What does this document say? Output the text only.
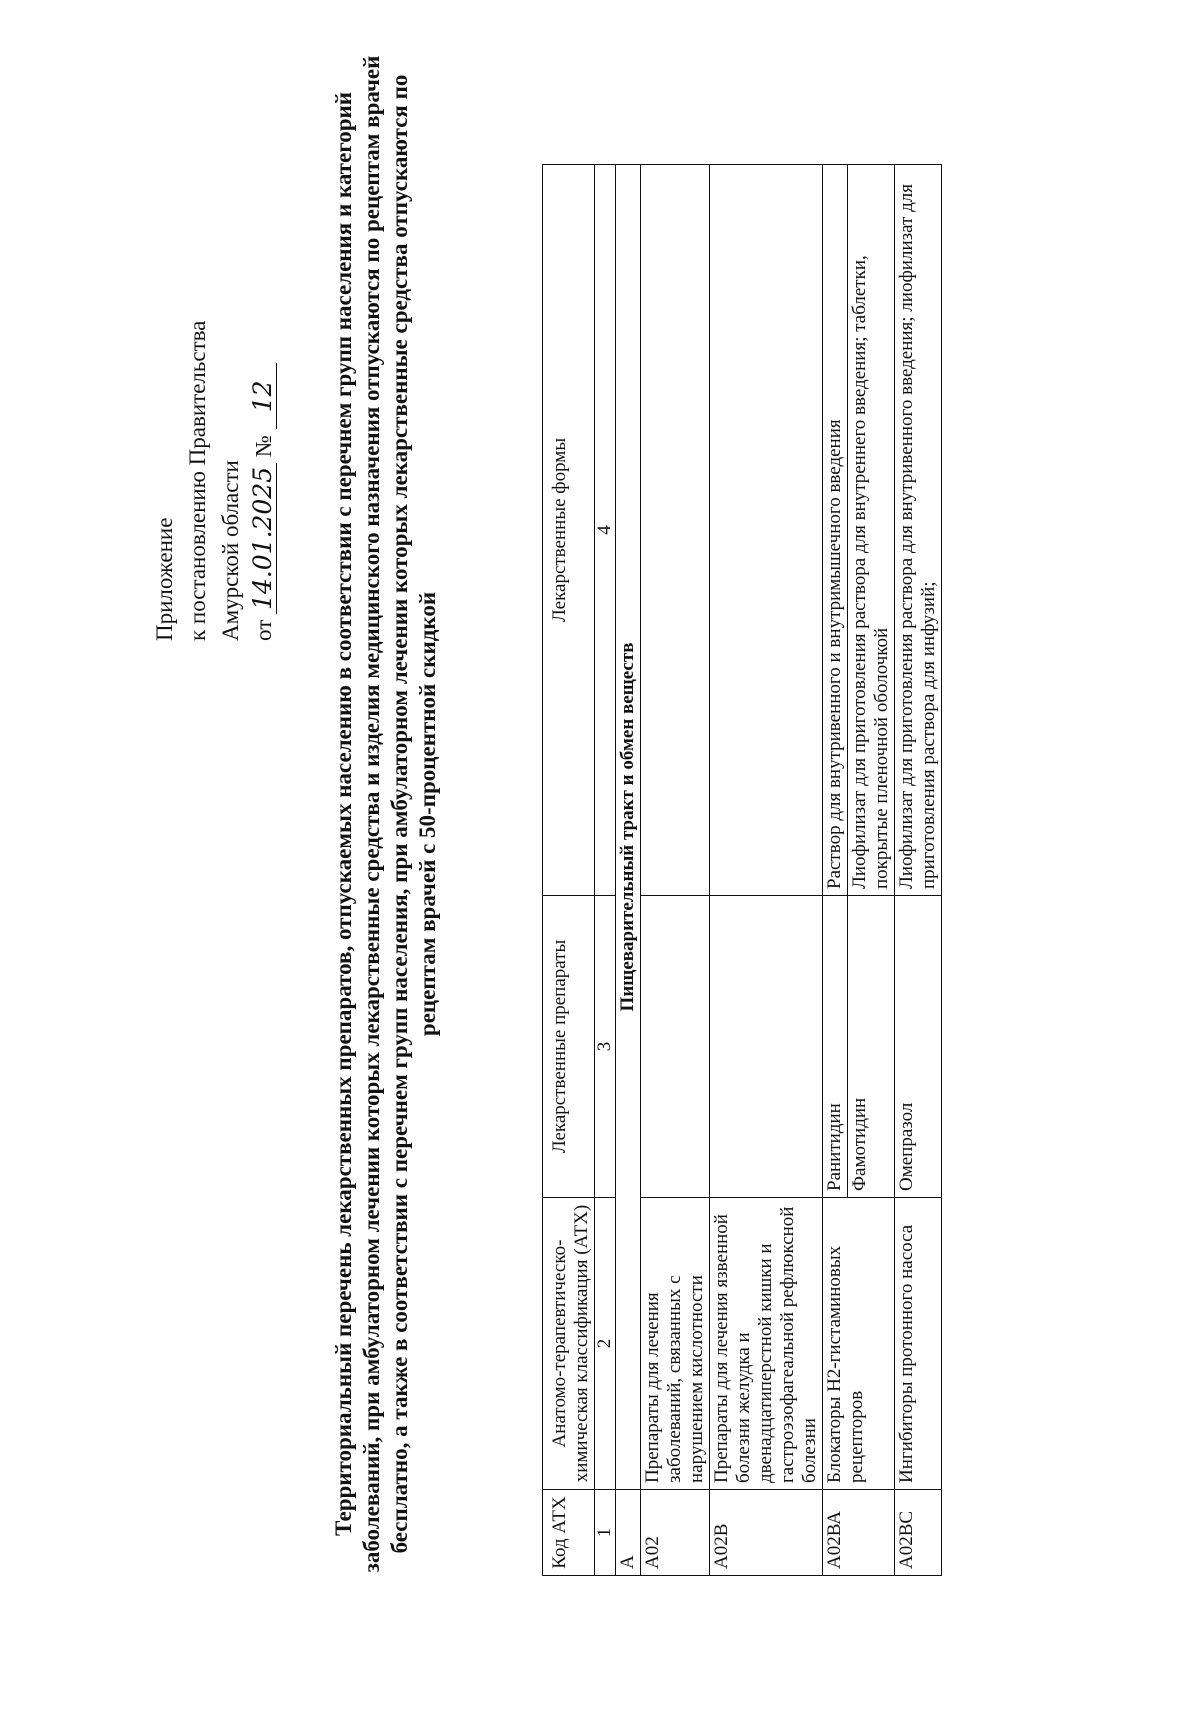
Приложение к постановлению Правительства Амурской области от 14.01.2025 № 12 Территориальный перечень лекарственных препаратов, отпускаемых населению в соответствии с перечнем групп населения и категорий заболеваний, при амбулаторном лечении которых лекарственные средства и изделия медицинского назначения отпускаются по рецептам врачей бесплатно, а также в соответствии с перечнем групп населения, при амбулаторном лечении которых лекарственные средства отпускаются по рецептам врачей с 50-процентной скидкой
Код АТХ	Анатомо-терапевтическо-химическая классификация (АТХ)	Лекарственные препараты	Лекарственные формы
1	2	3	4
А	Пищеварительный тракт и обмен веществ		
А02	Препараты для лечения заболеваний, связанных с нарушением кислотности		
А02В	Препараты для лечения язвенной болезни желудка и двенадцатиперстной кишки и гастроэзофагеальной рефлюксной болезни		
А02ВА	Блокаторы Н2-гистаминовых рецепторов	Ранитидин	Раствор для внутривенного и внутримышечного введения
		Фамотидин	Лиофилизат для приготовления раствора для внутреннего введения; таблетки, покрытые пленочной оболочкой
А02ВС	Ингибиторы протонного насоса	Омепразол	Лиофилизат для приготовления раствора для внутривенного введения; лиофилизат для приготовления раствора для инфузий;
